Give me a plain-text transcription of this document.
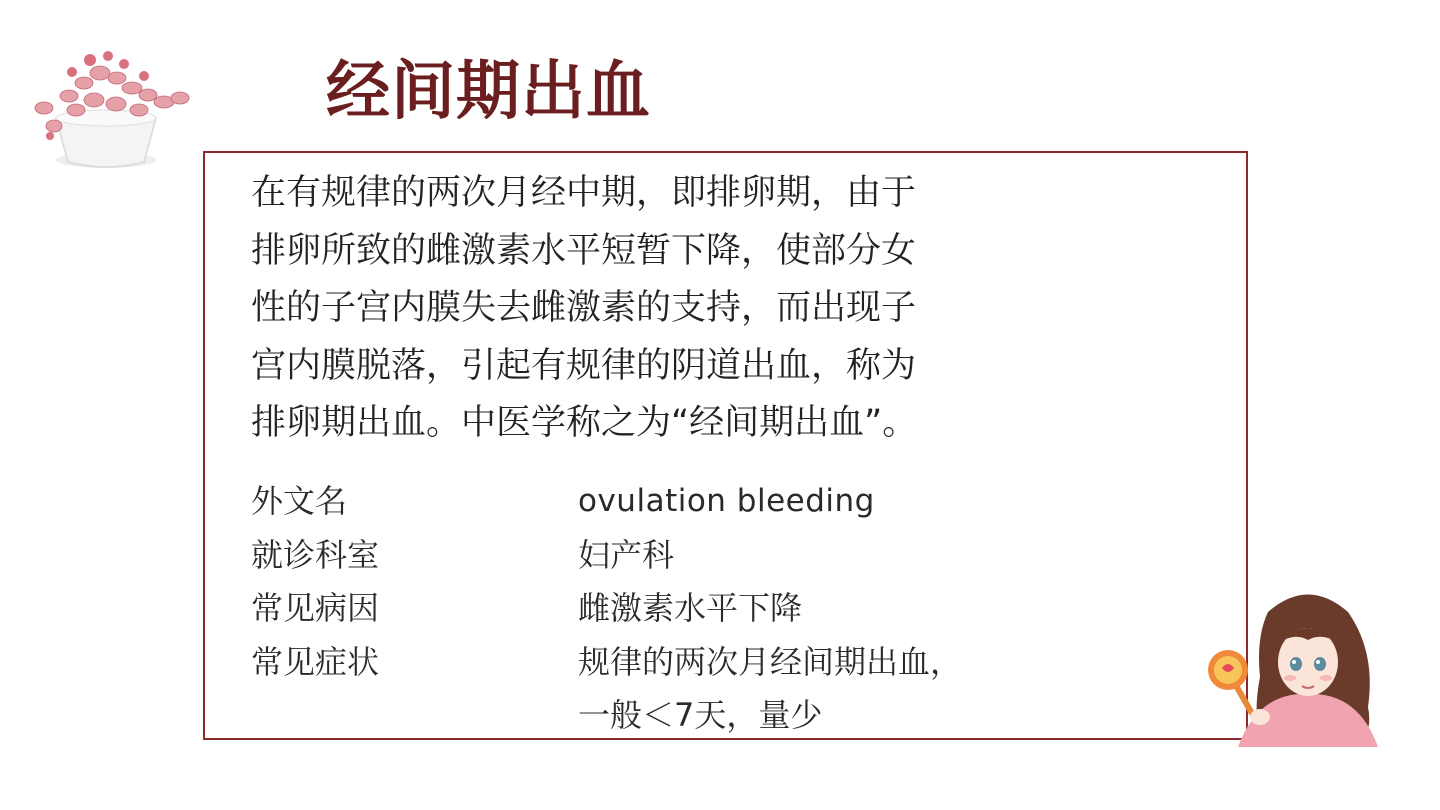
经间期出血

在有规律的两次月经中期，即排卵期，由于
排卵所致的雌激素水平短暂下降，使部分女
性的子宫内膜失去雌激素的支持，而出现子
宫内膜脱落，引起有规律的阴道出血，称为
排卵期出血。中医学称之为“经间期出血”。

外文名	ovulation bleeding
就诊科室	妇产科
常见病因	雌激素水平下降
常见症状	规律的两次月经间期出血，
一般＜7天，量少
